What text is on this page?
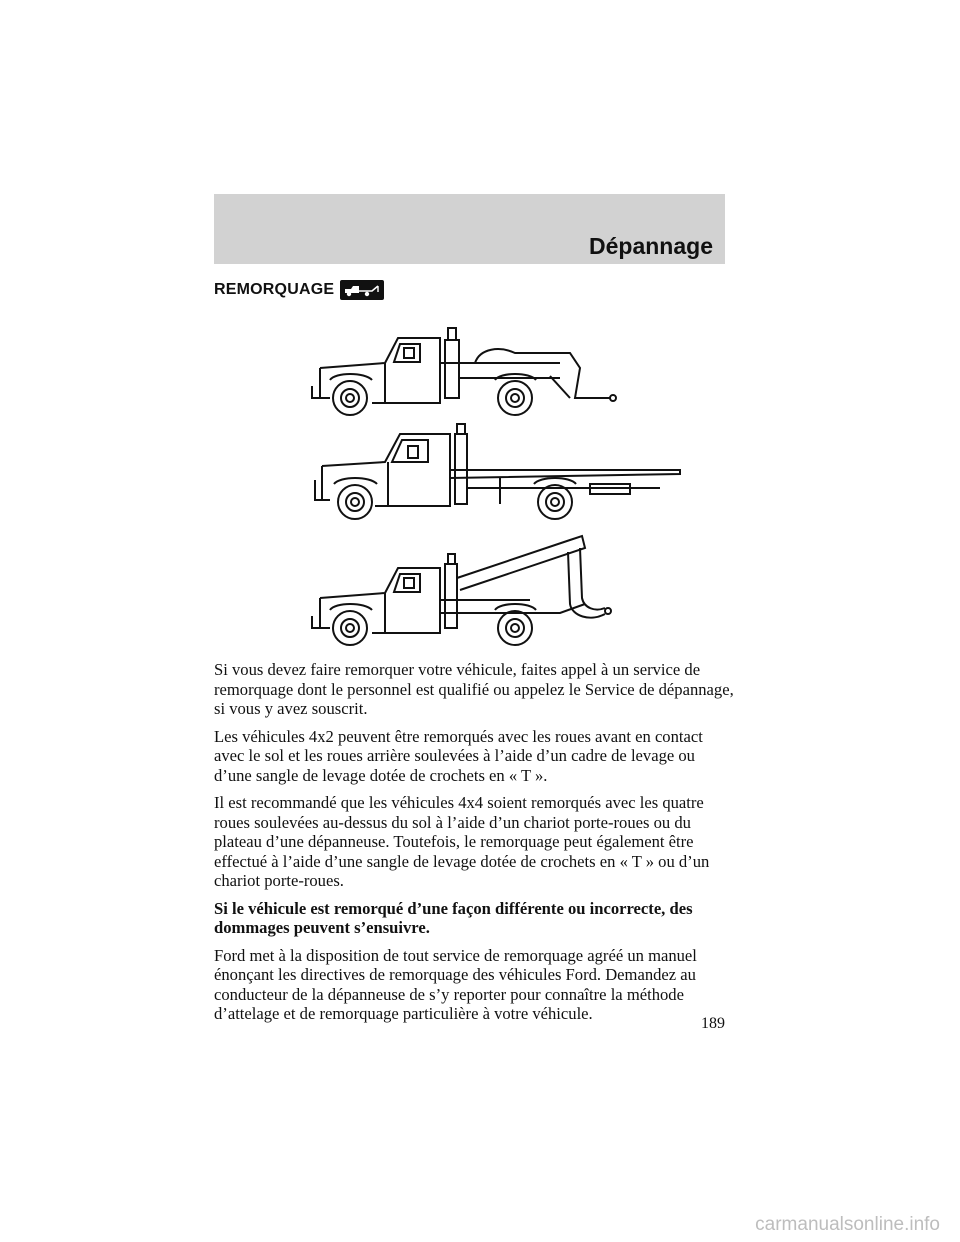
Dépannage
REMORQUAGE

Si vous devez faire remorquer votre véhicule, faites appel à un service de remorquage dont le personnel est qualifié ou appelez le Service de dépannage, si vous y avez souscrit.

Les véhicules 4x2 peuvent être remorqués avec les roues avant en contact avec le sol et les roues arrière soulevées à l’aide d’un cadre de levage ou d’une sangle de levage dotée de crochets en « T ».

Il est recommandé que les véhicules 4x4 soient remorqués avec les quatre roues soulevées au-dessus du sol à l’aide d’un chariot porte-roues ou du plateau d’une dépanneuse. Toutefois, le remorquage peut également être effectué à l’aide d’une sangle de levage dotée de crochets en « T » ou d’un chariot porte-roues.

Si le véhicule est remorqué d’une façon différente ou incorrecte, des dommages peuvent s’ensuivre.

Ford met à la disposition de tout service de remorquage agréé un manuel énonçant les directives de remorquage des véhicules Ford. Demandez au conducteur de la dépanneuse de s’y reporter pour connaître la méthode d’attelage et de remorquage particulière à votre véhicule.

189
carmanualsonline.info
